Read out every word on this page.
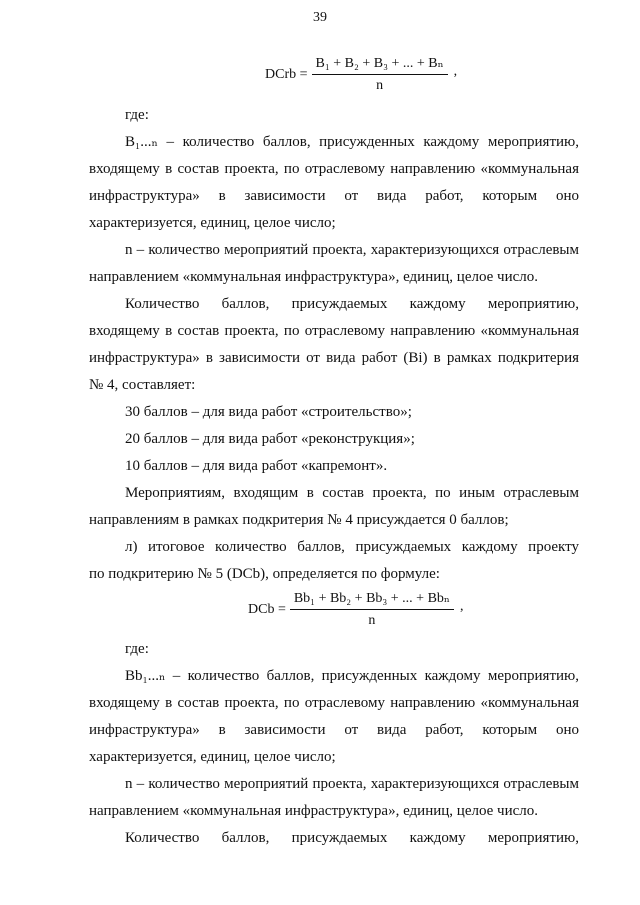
39
DCrb = $\frac{\text{B₁ + B₂ + B₃ + ... + Bₙ}}{n}$ ,
где:
B₁...ₙ – количество баллов, присужденных каждому мероприятию,
входящему в состав проекта, по отраслевому направлению «коммунальная
инфраструктура» в зависимости от вида работ, которым оно
характеризуется, единиц, целое число;
n – количество мероприятий проекта, характеризующихся отраслевым
направлением «коммунальная инфраструктура», единиц, целое число.
Количество баллов, присуждаемых каждому мероприятию,
входящему в состав проекта, по отраслевому направлению «коммунальная
инфраструктура» в зависимости от вида работ (Bi) в рамках подкритерия
№ 4, составляет:
30 баллов – для вида работ «строительство»;
20 баллов – для вида работ «реконструкция»;
10 баллов – для вида работ «капремонт».
Мероприятиям, входящим в состав проекта, по иным отраслевым
направлениям в рамках подкритерия № 4 присуждается 0 баллов;
л) итоговое количество баллов, присуждаемых каждому проекту
по подкритерию № 5 (DCb), определяется по формуле:
DCb = $\frac{\text{Bb₁ + Bb₂ + Bb₃ + ... + Bbₙ}}{n}$ ,
где:
Bb₁...ₙ – количество баллов, присужденных каждому мероприятию,
входящему в состав проекта, по отраслевому направлению «коммунальная
инфраструктура» в зависимости от вида работ, которым оно
характеризуется, единиц, целое число;
n – количество мероприятий проекта, характеризующихся отраслевым
направлением «коммунальная инфраструктура», единиц, целое число.
Количество баллов, присуждаемых каждому мероприятию,
